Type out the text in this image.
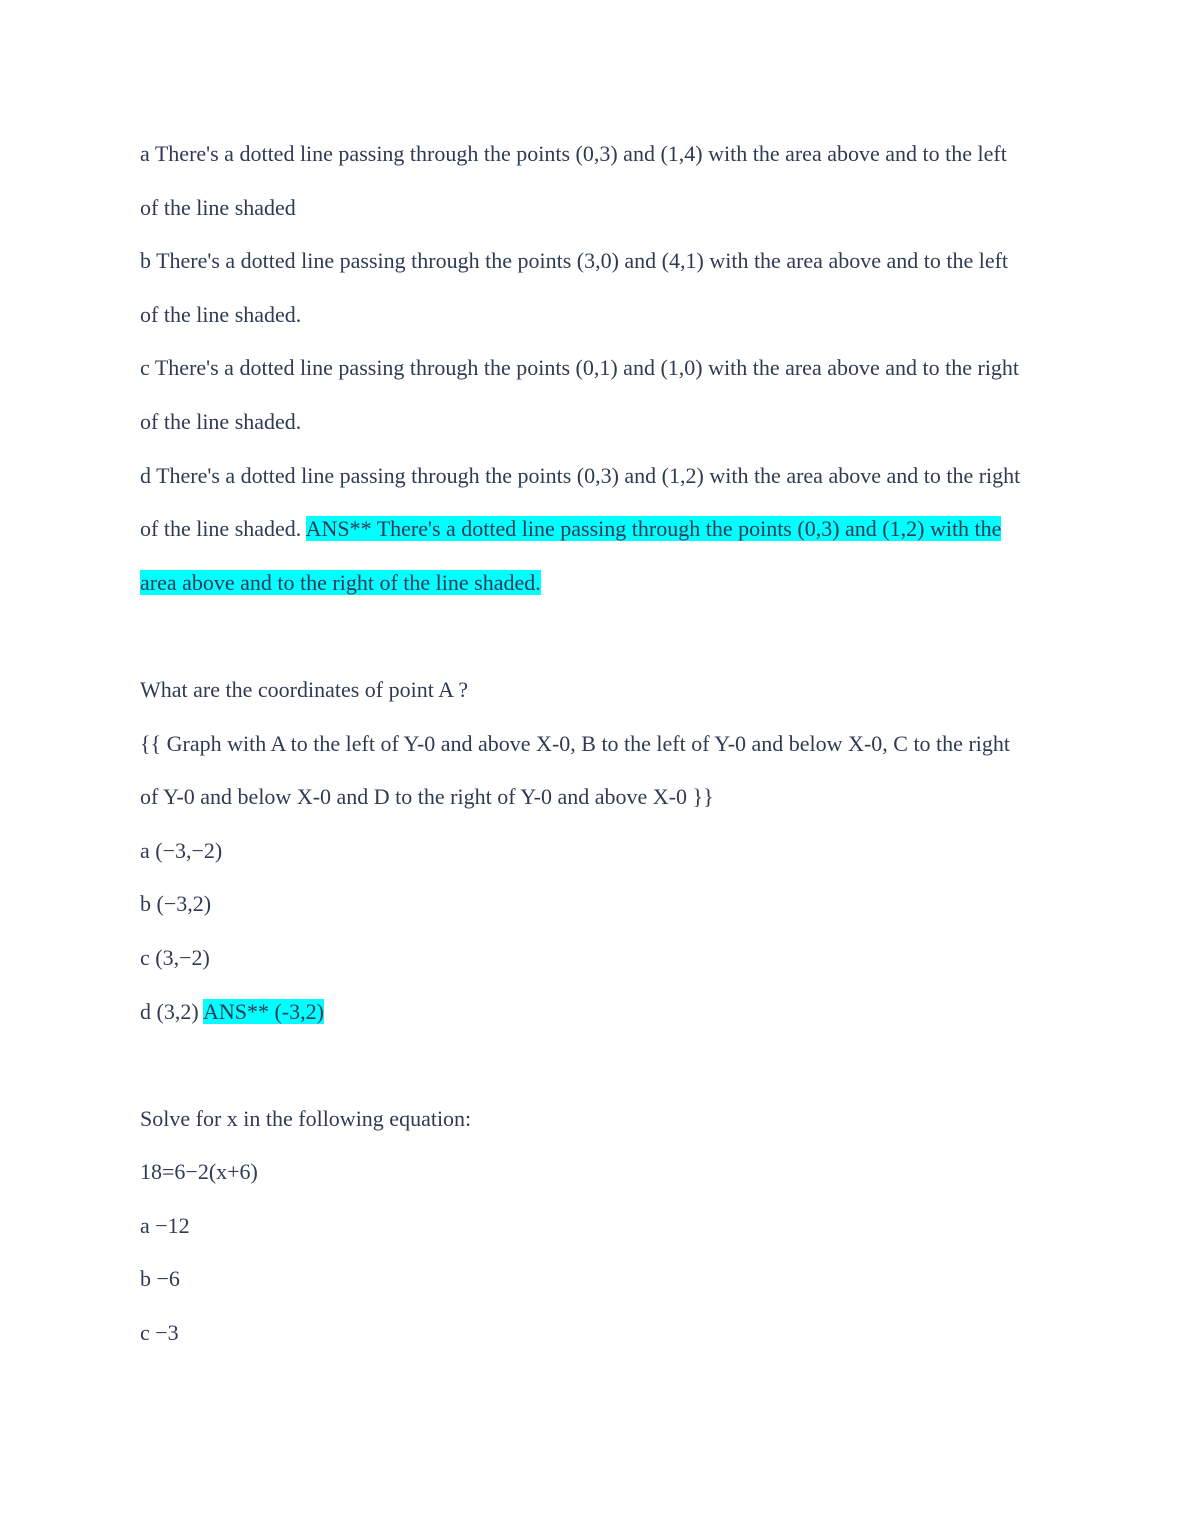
a There's a dotted line passing through the points (0,3) and (1,4) with the area above and to the left of the line shaded

b There's a dotted line passing through the points (3,0) and (4,1) with the area above and to the left of the line shaded.

c There's a dotted line passing through the points (0,1) and (1,0) with the area above and to the right of the line shaded.

d There's a dotted line passing through the points (0,3) and (1,2) with the area above and to the right of the line shaded. ANS** There's a dotted line passing through the points (0,3) and (1,2) with the area above and to the right of the line shaded.

What are the coordinates of point A ?

{{ Graph with A to the left of Y-0 and above X-0, B to the left of Y-0 and below X-0, C to the right of Y-0 and below X-0 and D to the right of Y-0 and above X-0 }}

a (−3,−2)

b (−3,2)

c (3,−2)

d (3,2) ANS** (-3,2)

Solve for x in the following equation:

18=6−2(x+6)

a −12

b −6

c −3
